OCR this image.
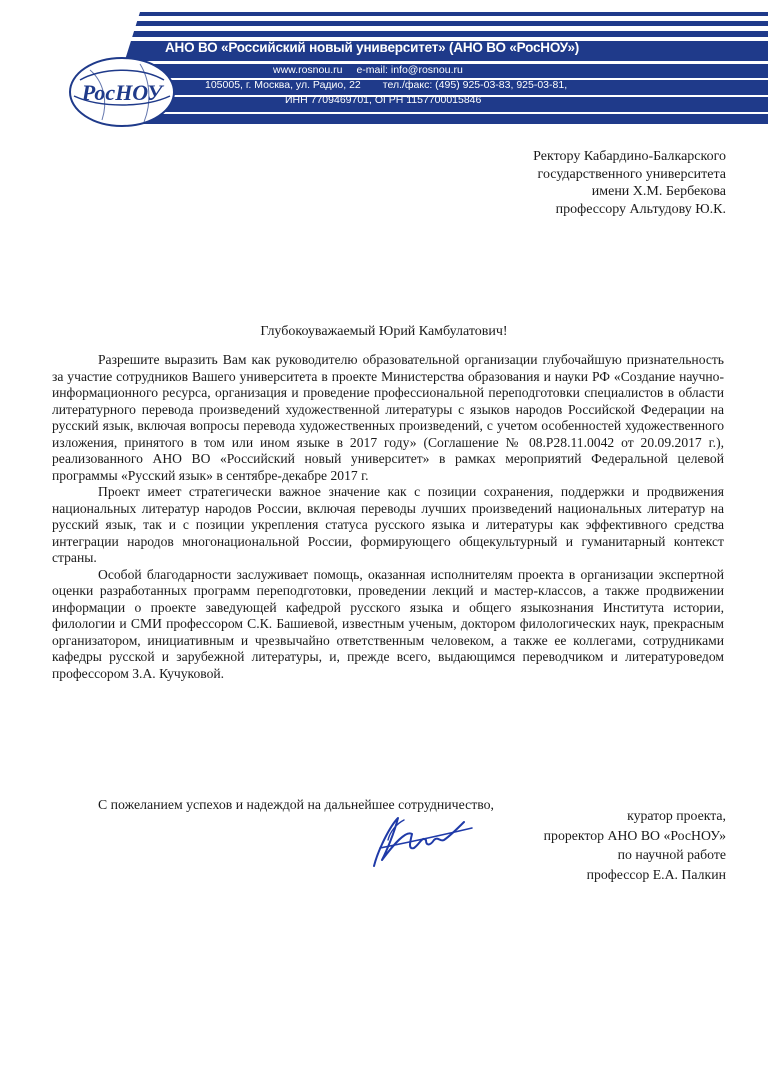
РосНОУ
АНО ВО «Российский новый университет» (АНО ВО «РосНОУ»)
www.rosnou.ru e-mail: info@rosnou.ru
105005, г. Москва, ул. Радио, 22 тел./факс: (495) 925-03-83, 925-03-81,
ИНН 7709469701, ОГРН 1157700015846
Ректору Кабардино-Балкарского
государственного университета
имени Х.М. Бербекова
профессору Альтудову Ю.К.
Глубокоуважаемый Юрий Камбулатович!

Разрешите выразить Вам как руководителю образовательной организации глубочайшую признательность за участие сотрудников Вашего университета в проекте Министерства образования и науки РФ «Создание научно-информационного ресурса, организация и проведение профессиональной переподготовки специалистов в области литературного перевода произведений художественной литературы с языков народов Российской Федерации на русский язык, включая вопросы перевода художественных произведений, с учетом особенностей художественного изложения, принятого в том или ином языке в 2017 году» (Соглашение № 08.Р28.11.0042 от 20.09.2017 г.), реализованного АНО ВО «Российский новый университет» в рамках мероприятий Федеральной целевой программы «Русский язык» в сентябре-декабре 2017 г.

Проект имеет стратегически важное значение как с позиции сохранения, поддержки и продвижения национальных литератур народов России, включая переводы лучших произведений национальных литератур на русский язык, так и с позиции укрепления статуса русского языка и литературы как эффективного средства интеграции народов многонациональной России, формирующего общекультурный и гуманитарный контекст страны.

Особой благодарности заслуживает помощь, оказанная исполнителям проекта в организации экспертной оценки разработанных программ переподготовки, проведении лекций и мастер-классов, а также продвижении информации о проекте заведующей кафедрой русского языка и общего языкознания Института истории, филологии и СМИ профессором С.К. Башиевой, известным ученым, доктором филологических наук, прекрасным организатором, инициативным и чрезвычайно ответственным человеком, а также ее коллегами, сотрудниками кафедры русской и зарубежной литературы, и, прежде всего, выдающимся переводчиком и литературоведом профессором З.А. Кучуковой.

С пожеланием успехов и надеждой на дальнейшее сотрудничество,
куратор проекта,
проректор АНО ВО «РосНОУ»
по научной работе
профессор Е.А. Палкин
